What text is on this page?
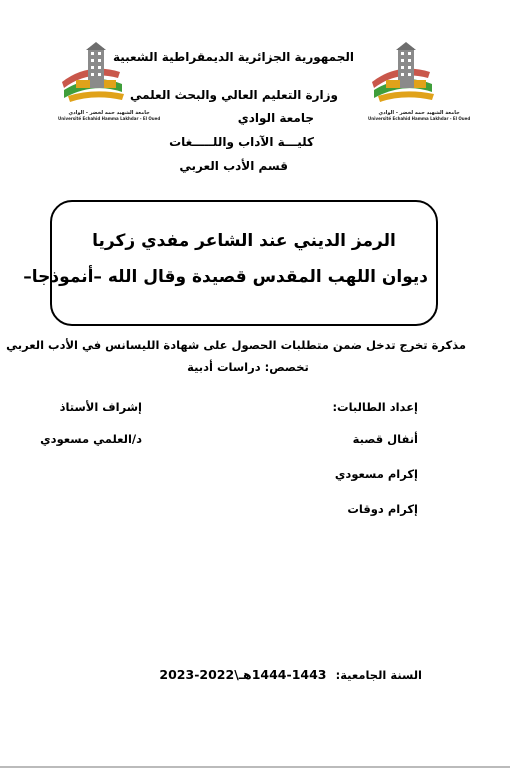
جامعة الشهيد حمه لخضر - الوادي
Université Echahid Hamma Lakhdar - El Oued
جامعة الشهيد حمه لخضر - الوادي
Université Echahid Hamma Lakhdar - El Oued
الجمهورية الجزائرية الديمقراطية الشعبية
وزارة التعليم العالي والبحث العلمي
جامعة الوادي
كليـــة الآداب واللـــــغات
قسم الأدب العربي
الرمز الديني عند الشاعر مفدي زكريا
ديوان اللهب المقدس قصيدة وقال الله –أنموذجا–
مذكرة تخرج تدخل ضمن متطلبات الحصول على شهادة الليسانس في الأدب العربي
تخصص: دراسات أدبية
إعداد الطالبات:
أنفال قصبة
إكرام مسعودي
إكرام دوقات
إشراف الأستاذ
د/العلمي مسعودي
السنة الجامعية: 1443-1444هـ\2022-2023
